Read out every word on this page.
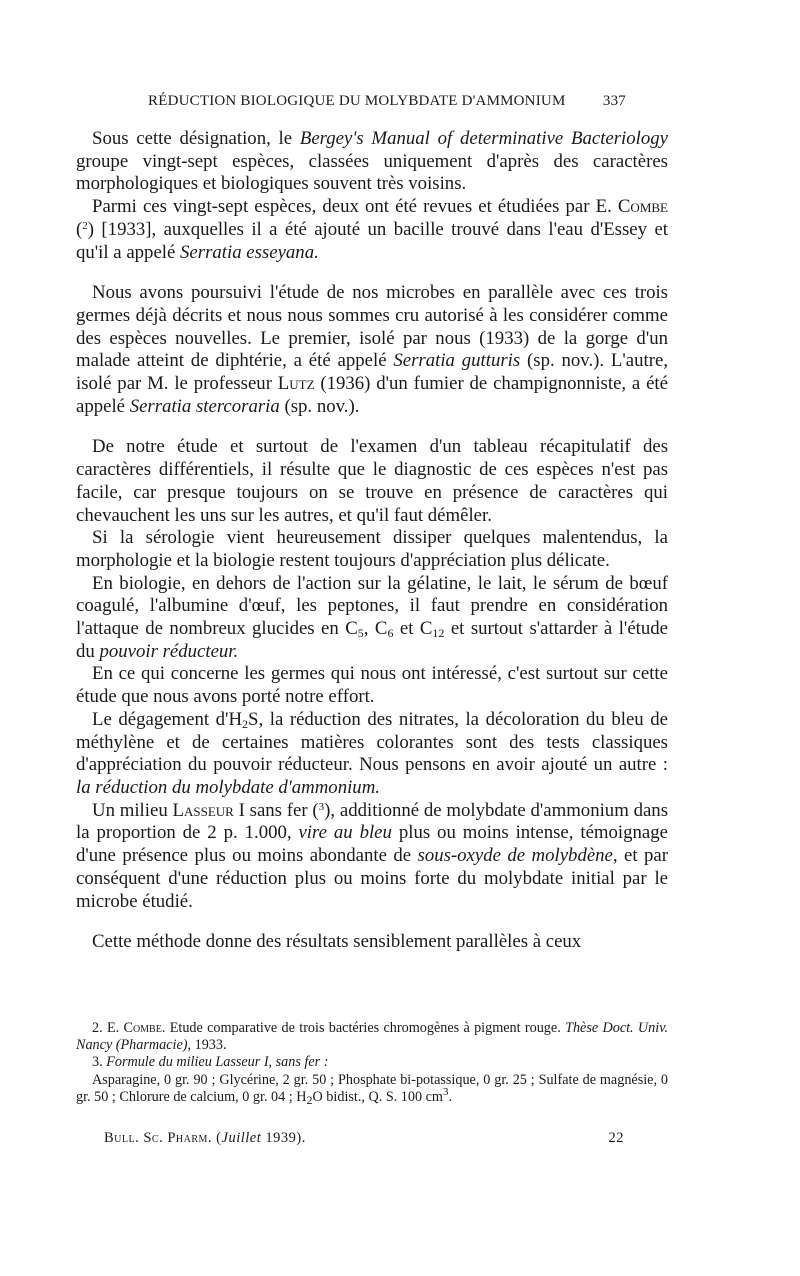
RÉDUCTION BIOLOGIQUE DU MOLYBDATE D'AMMONIUM 337

Sous cette désignation, le Bergey's Manual of determinative Bacteriology groupe vingt-sept espèces, classées uniquement d'après des caractères morphologiques et biologiques souvent très voisins.

Parmi ces vingt-sept espèces, deux ont été revues et étudiées par E. Combe ($^2$) [1933], auxquelles il a été ajouté un bacille trouvé dans l'eau d'Essey et qu'il a appelé Serratia esseyana.

Nous avons poursuivi l'étude de nos microbes en parallèle avec ces trois germes déjà décrits et nous nous sommes cru autorisé à les considérer comme des espèces nouvelles. Le premier, isolé par nous (1933) de la gorge d'un malade atteint de diphtérie, a été appelé Serratia gutturis (sp. nov.). L'autre, isolé par M. le professeur Lutz (1936) d'un fumier de champignonniste, a été appelé Serratia stercoraria (sp. nov.).

De notre étude et surtout de l'examen d'un tableau récapitulatif des caractères différentiels, il résulte que le diagnostic de ces espèces n'est pas facile, car presque toujours on se trouve en présence de caractères qui chevauchent les uns sur les autres, et qu'il faut démêler.

Si la sérologie vient heureusement dissiper quelques malentendus, la morphologie et la biologie restent toujours d'appréciation plus délicate.

En biologie, en dehors de l'action sur la gélatine, le lait, le sérum de bœuf coagulé, l'albumine d'œuf, les peptones, il faut prendre en considération l'attaque de nombreux glucides en $C_5$, $C_6$ et $C_{12}$ et surtout s'attarder à l'étude du pouvoir réducteur.

En ce qui concerne les germes qui nous ont intéressé, c'est surtout sur cette étude que nous avons porté notre effort.

Le dégagement $d'H_2S$, la réduction des nitrates, la décoloration du bleu de méthylène et de certaines matières colorantes sont des tests classiques d'appréciation du pouvoir réducteur. Nous pensons en avoir ajouté un autre : la réduction du molybdate d'ammonium.

Un milieu Lasseur I sans fer ($^3$), additionné de molybdate d'ammonium dans la proportion de 2 p. 1.000, vire au bleu plus ou moins intense, témoignage d'une présence plus ou moins abondante de sous-oxyde de molybdène, et par conséquent d'une réduction plus ou moins forte du molybdate initial par le microbe étudié.

Cette méthode donne des résultats sensiblement parallèles à ceux

2. E. Combe. Etude comparative de trois bactéries chromogènes à pigment rouge. Thèse Doct. Univ. Nancy (Pharmacie), 1933.

3. Formule du milieu Lasseur I, sans fer :

Asparagine, 0 gr. 90 ; Glycérine, 2 gr. 50 ; Phosphate bi-potassique, 0 gr. 25 ; Sulfate de magnésie, 0 gr. 50 ; Chlorure de calcium, 0 gr. 04 ; $H_2O$ bidist., Q. S. 100 $cm^3$.

Bull. Sc. Pharm. (Juillet 1939).	22
